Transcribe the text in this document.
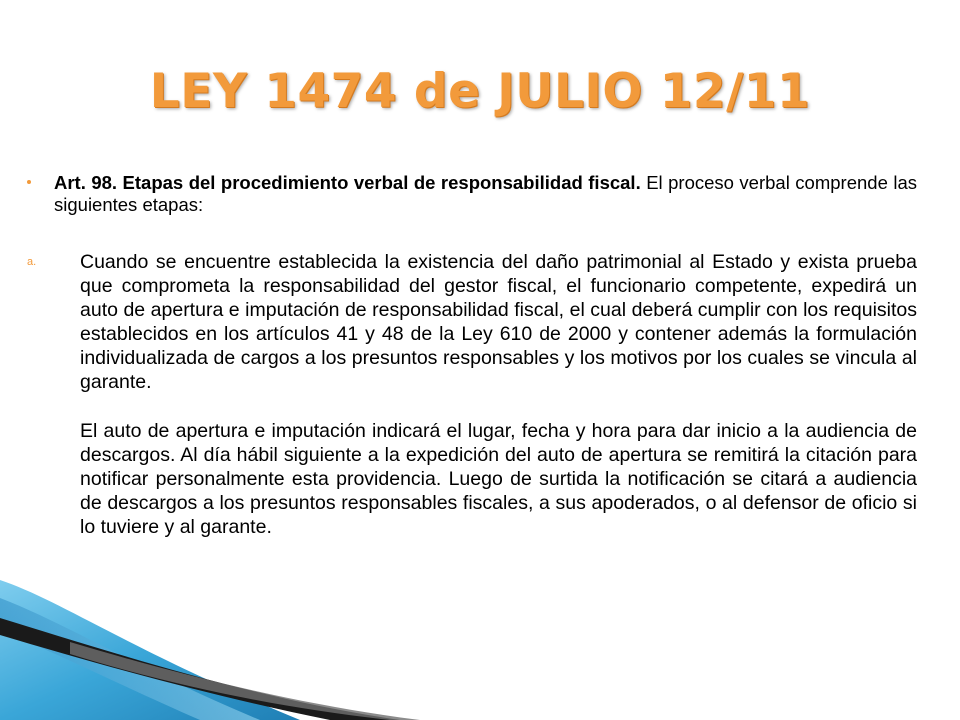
LEY 1474 de JULIO 12/11
Art. 98. Etapas del procedimiento verbal de responsabilidad fiscal. El proceso verbal comprende las siguientes etapas:
a. Cuando se encuentre establecida la existencia del daño patrimonial al Estado y exista prueba que comprometa la responsabilidad del gestor fiscal, el funcionario competente, expedirá un auto de apertura e imputación de responsabilidad fiscal, el cual deberá cumplir con los requisitos establecidos en los artículos 41 y 48 de la Ley 610 de 2000 y contener además la formulación individualizada de cargos a los presuntos responsables y los motivos por los cuales se vincula al garante.

El auto de apertura e imputación indicará el lugar, fecha y hora para dar inicio a la audiencia de descargos. Al día hábil siguiente a la expedición del auto de apertura se remitirá la citación para notificar personalmente esta providencia. Luego de surtida la notificación se citará a audiencia de descargos a los presuntos responsables fiscales, a sus apoderados, o al defensor de oficio si lo tuviere y al garante.
